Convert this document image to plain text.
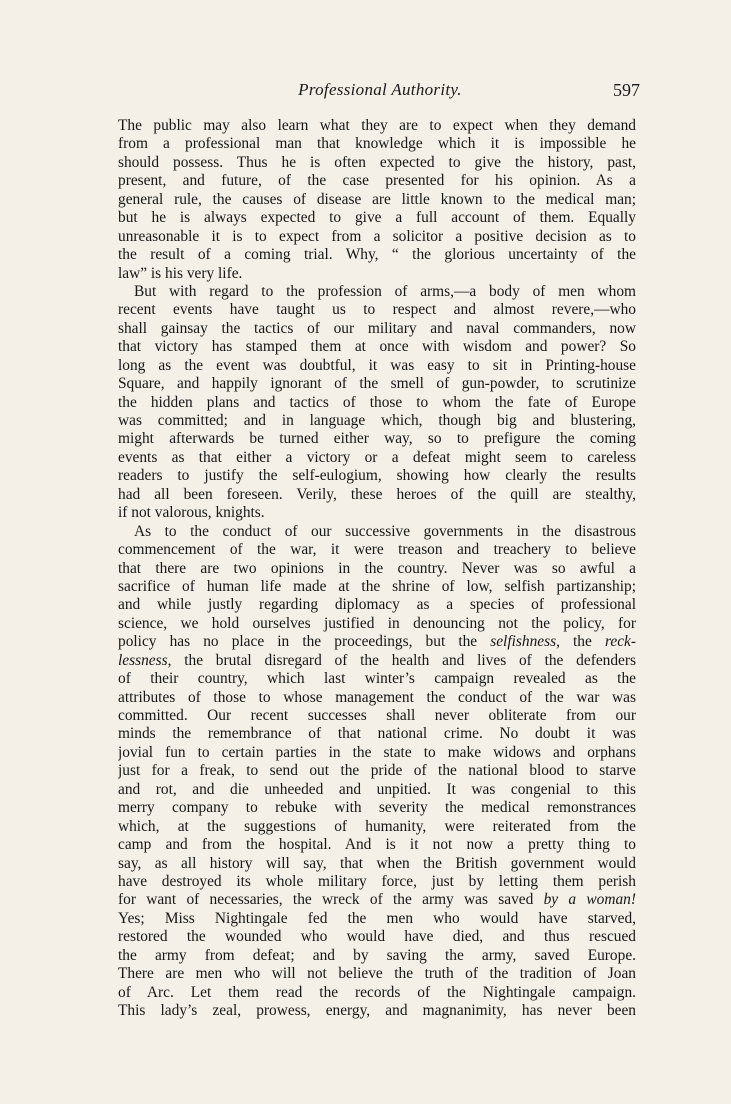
Professional Authority.	597
The public may also learn what they are to expect when they demand
from a professional man that knowledge which it is impossible he
should possess. Thus he is often expected to give the history, past,
present, and future, of the case presented for his opinion. As a
general rule, the causes of disease are little known to the medical man;
but he is always expected to give a full account of them. Equally
unreasonable it is to expect from a solicitor a positive decision as to
the result of a coming trial. Why, “ the glorious uncertainty of the
law” is his very life.
But with regard to the profession of arms,—a body of men whom
recent events have taught us to respect and almost revere,—who
shall gainsay the tactics of our military and naval commanders, now
that victory has stamped them at once with wisdom and power? So
long as the event was doubtful, it was easy to sit in Printing-house
Square, and happily ignorant of the smell of gun-powder, to scrutinize
the hidden plans and tactics of those to whom the fate of Europe
was committed; and in language which, though big and blustering,
might afterwards be turned either way, so to prefigure the coming
events as that either a victory or a defeat might seem to careless
readers to justify the self-eulogium, showing how clearly the results
had all been foreseen. Verily, these heroes of the quill are stealthy,
if not valorous, knights.
As to the conduct of our successive governments in the disastrous
commencement of the war, it were treason and treachery to believe
that there are two opinions in the country. Never was so awful a
sacrifice of human life made at the shrine of low, selfish partizanship;
and while justly regarding diplomacy as a species of professional
science, we hold ourselves justified in denouncing not the policy, for
policy has no place in the proceedings, but the selfishness, the reck-
lessness, the brutal disregard of the health and lives of the defenders
of their country, which last winter’s campaign revealed as the
attributes of those to whose management the conduct of the war was
committed. Our recent successes shall never obliterate from our
minds the remembrance of that national crime. No doubt it was
jovial fun to certain parties in the state to make widows and orphans
just for a freak, to send out the pride of the national blood to starve
and rot, and die unheeded and unpitied. It was congenial to this
merry company to rebuke with severity the medical remonstrances
which, at the suggestions of humanity, were reiterated from the
camp and from the hospital. And is it not now a pretty thing to
say, as all history will say, that when the British government would
have destroyed its whole military force, just by letting them perish
for want of necessaries, the wreck of the army was saved by a woman!
Yes; Miss Nightingale fed the men who would have starved,
restored the wounded who would have died, and thus rescued
the army from defeat; and by saving the army, saved Europe.
There are men who will not believe the truth of the tradition of Joan
of Arc. Let them read the records of the Nightingale campaign.
This lady’s zeal, prowess, energy, and magnanimity, has never been
